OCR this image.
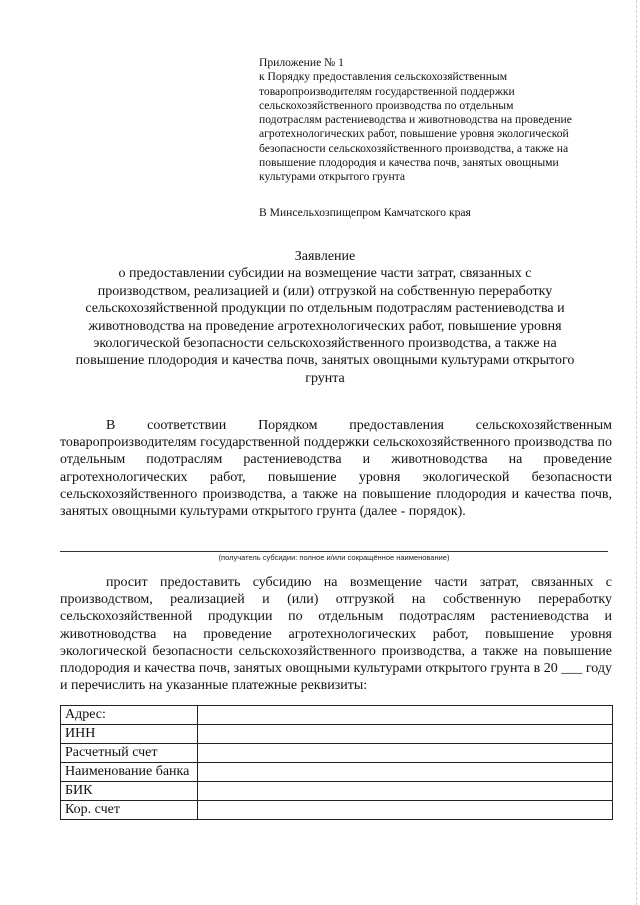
Приложение № 1

к Порядку предоставления сельскохозяйственным

товаропроизводителям государственной поддержки

сельскохозяйственного производства по отдельным

подотраслям растениеводства и животноводства на проведение

агротехнологических работ, повышение уровня экологической

безопасности сельскохозяйственного производства, а также на

повышение плодородия и качества почв, занятых овощными

культурами открытого грунта

В Минсельхозпищепром Камчатского края

Заявление

о предоставлении субсидии на возмещение части затрат, связанных с

производством, реализацией и (или) отгрузкой на собственную переработку

сельскохозяйственной продукции по отдельным подотраслям растениеводства и

животноводства на проведение агротехнологических работ, повышение уровня

экологической безопасности сельскохозяйственного производства, а также на

повышение плодородия и качества почв, занятых овощными культурами открытого

грунта

В соответствии Порядком предоставления сельскохозяйственным товаропроизводителям государственной поддержки сельскохозяйственного производства по отдельным подотраслям растениеводства и животноводства на проведение агротехнологических работ, повышение уровня экологической безопасности сельскохозяйственного производства, а также на повышение плодородия и качества почв, занятых овощными культурами открытого грунта (далее - порядок).

(получатель субсидии: полное и/или сокращённое наименование)

просит предоставить субсидию на возмещение части затрат, связанных с производством, реализацией и (или) отгрузкой на собственную переработку сельскохозяйственной продукции по отдельным подотраслям растениеводства и животноводства на проведение агротехнологических работ, повышение уровня экологической безопасности сельскохозяйственного производства, а также на повышение плодородия и качества почв, занятых овощными культурами открытого грунта в 20 ___ году и перечислить на указанные платежные реквизиты:

Адрес:	
ИНН	
Расчетный счет	
Наименование банка	
БИК	
Кор. счет	
